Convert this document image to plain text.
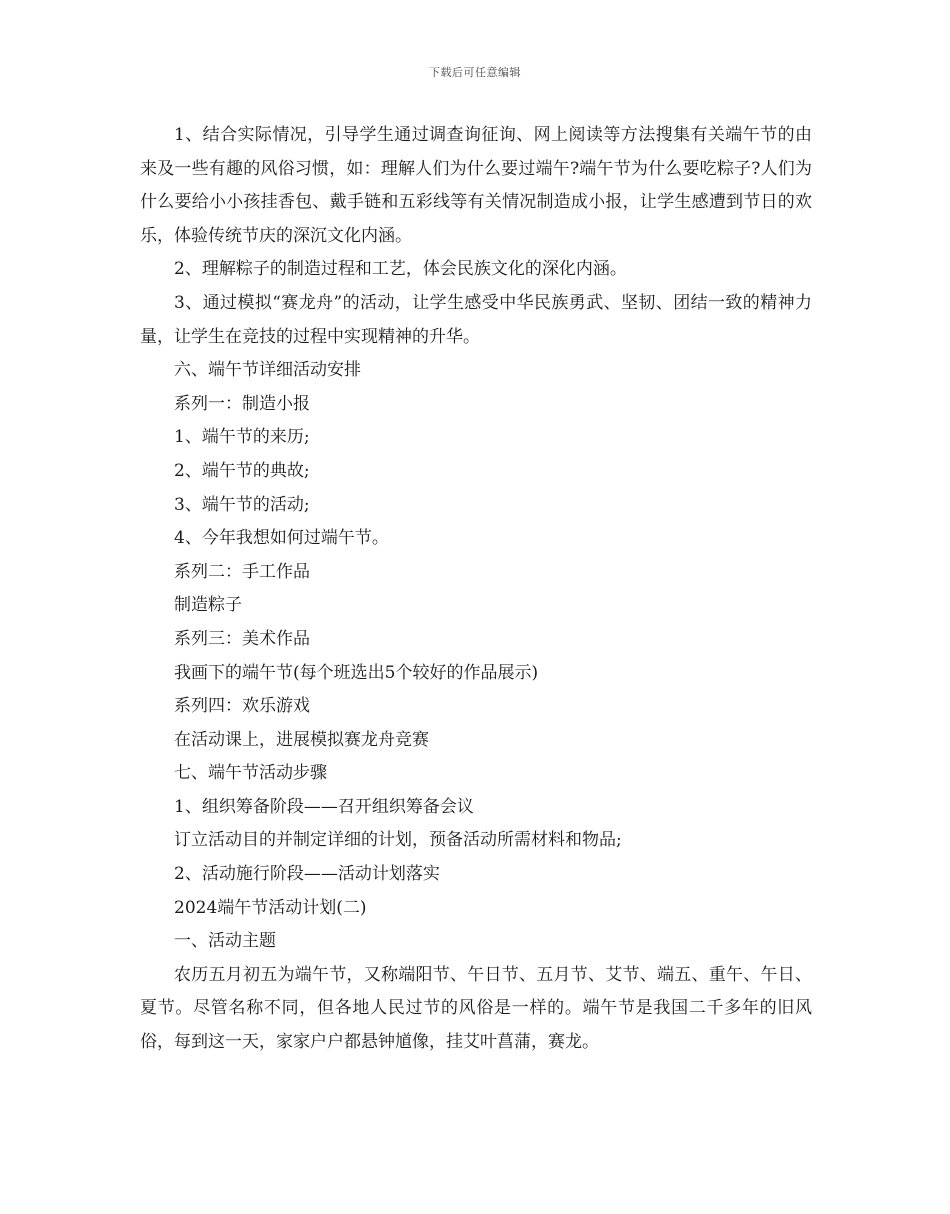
下载后可任意编辑

1、结合实际情况，引导学生通过调查询征询、网上阅读等方法搜集有关端午节的由来及一些有趣的风俗习惯，如：理解人们为什么要过端午?端午节为什么要吃粽子?人们为什么要给小小孩挂香包、戴手链和五彩线等有关情况制造成小报，让学生感遭到节日的欢乐，体验传统节庆的深沉文化内涵。

2、理解粽子的制造过程和工艺，体会民族文化的深化内涵。

3、通过模拟“赛龙舟”的活动，让学生感受中华民族勇武、坚韧、团结一致的精神力量，让学生在竞技的过程中实现精神的升华。

六、端午节详细活动安排

系列一：制造小报

1、端午节的来历;

2、端午节的典故;

3、端午节的活动;

4、今年我想如何过端午节。

系列二：手工作品

制造粽子

系列三：美术作品

我画下的端午节(每个班选出5个较好的作品展示)

系列四：欢乐游戏

在活动课上，进展模拟赛龙舟竞赛

七、端午节活动步骤

1、组织筹备阶段——召开组织筹备会议

订立活动目的并制定详细的计划，预备活动所需材料和物品;

2、活动施行阶段——活动计划落实

2024端午节活动计划(二)

一、活动主题

农历五月初五为端午节，又称端阳节、午日节、五月节、艾节、端五、重午、午日、夏节。尽管名称不同，但各地人民过节的风俗是一样的。端午节是我国二千多年的旧风俗，每到这一天，家家户户都悬钟馗像，挂艾叶菖蒲，赛龙。
